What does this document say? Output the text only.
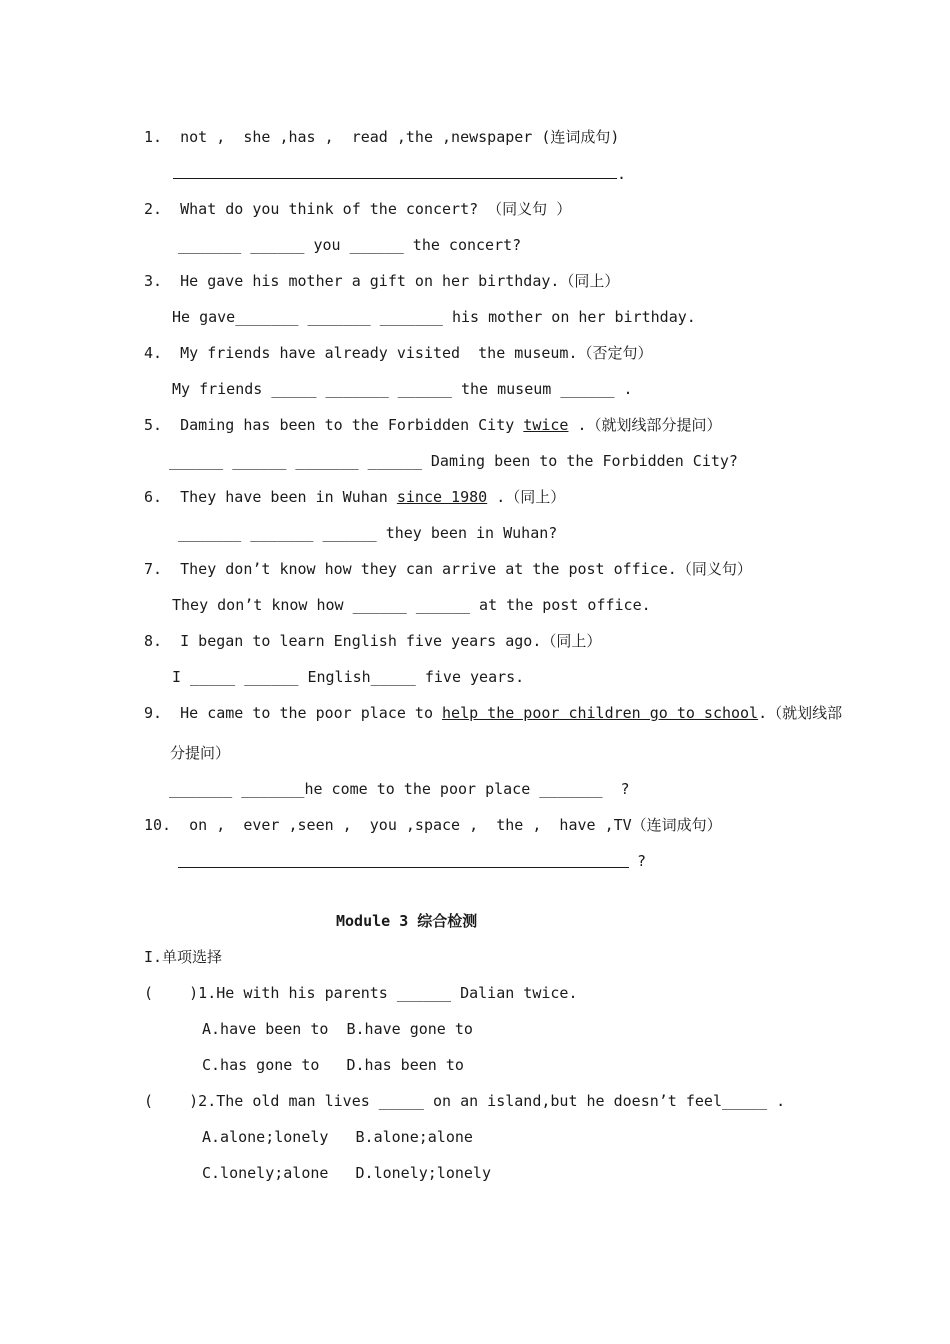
1.  not ,  she ,has ,  read ,the ,newspaper (连词成句)
.
2.  What do you think of the concert? （同义句 ）
_______ ______ you ______ the concert?
3.  He gave his mother a gift on her birthday.（同上）
He gave_______ _______ _______ his mother on her birthday.
4.  My friends have already visited  the museum.（否定句）
My friends _____ _______ ______ the museum ______ .
5.  Daming has been to the Forbidden City twice .（就划线部分提问）
______ ______ _______ ______ Daming been to the Forbidden City?
6.  They have been in Wuhan since 1980 .（同上）
_______ _______ ______ they been in Wuhan?
7.  They don’t know how they can arrive at the post office.（同义句）
They don’t know how ______ ______ at the post office.
8.  I began to learn English five years ago.（同上）
I _____ ______ English_____ five years.
9.  He came to the poor place to help the poor children go to school.（就划线部
分提问）
_______ _______he come to the poor place _______  ?
10.  on ,  ever ,seen ,  you ,space ,  the ,  have ,TV（连词成句）
?
Module 3 综合检测
I.单项选择
(    )1.He with his parents ______ Dalian twice.
A.have been to  B.have gone to
C.has gone to   D.has been to
(    )2.The old man lives _____ on an island,but he doesn’t feel_____ .
A.alone;lonely   B.alone;alone
C.lonely;alone   D.lonely;lonely
